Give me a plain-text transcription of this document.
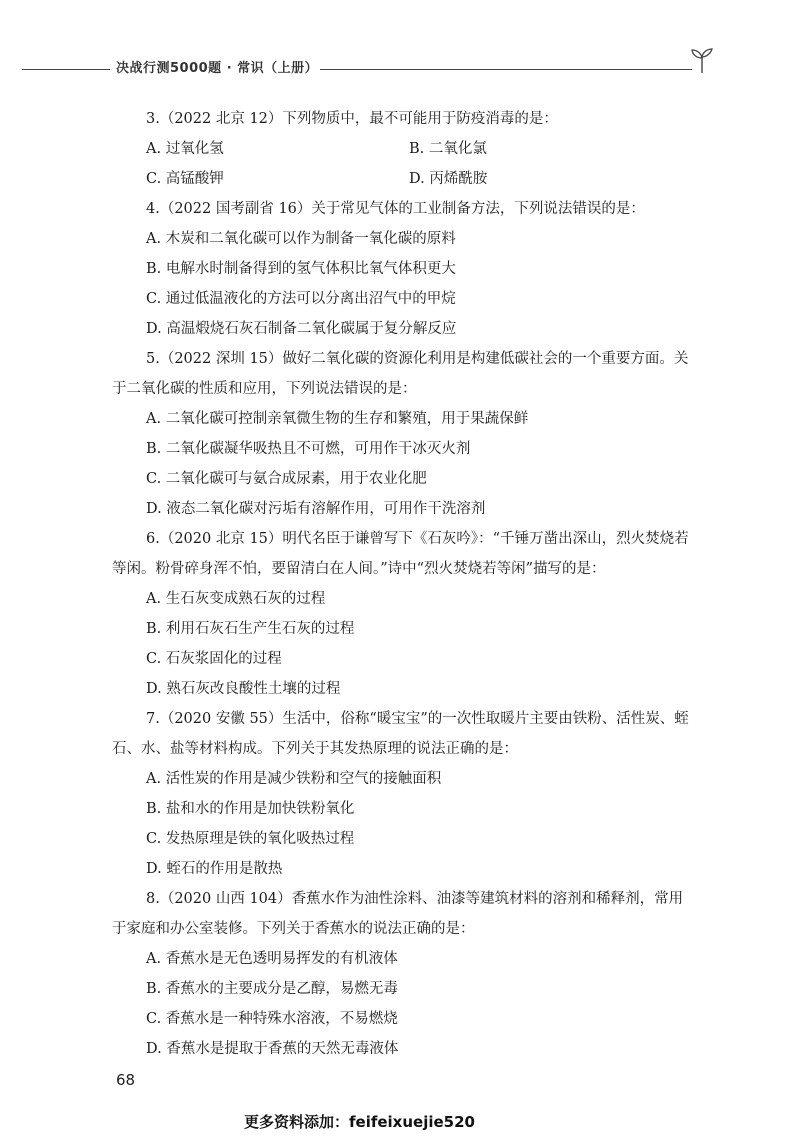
决战行测5000题 · 常识（上册）

3.（2022 北京 12）下列物质中，最不可能用于防疫消毒的是：

A. 过氧化氢	B. 二氧化氯
C. 高锰酸钾	D. 丙烯酰胺

4.（2022 国考副省 16）关于常见气体的工业制备方法，下列说法错误的是：

A. 木炭和二氧化碳可以作为制备一氧化碳的原料
B. 电解水时制备得到的氢气体积比氧气体积更大
C. 通过低温液化的方法可以分离出沼气中的甲烷
D. 高温煅烧石灰石制备二氧化碳属于复分解反应

5.（2022 深圳 15）做好二氧化碳的资源化利用是构建低碳社会的一个重要方面。关于二氧化碳的性质和应用，下列说法错误的是：

A. 二氧化碳可控制亲氧微生物的生存和繁殖，用于果蔬保鲜
B. 二氧化碳凝华吸热且不可燃，可用作干冰灭火剂
C. 二氧化碳可与氨合成尿素，用于农业化肥
D. 液态二氧化碳对污垢有溶解作用，可用作干洗溶剂

6.（2020 北京 15）明代名臣于谦曾写下《石灰吟》：“千锤万凿出深山，烈火焚烧若等闲。粉骨碎身浑不怕，要留清白在人间。”诗中“烈火焚烧若等闲”描写的是：

A. 生石灰变成熟石灰的过程
B. 利用石灰石生产生石灰的过程
C. 石灰浆固化的过程
D. 熟石灰改良酸性土壤的过程

7.（2020 安徽 55）生活中，俗称“暖宝宝”的一次性取暖片主要由铁粉、活性炭、蛭石、水、盐等材料构成。下列关于其发热原理的说法正确的是：

A. 活性炭的作用是减少铁粉和空气的接触面积
B. 盐和水的作用是加快铁粉氧化
C. 发热原理是铁的氧化吸热过程
D. 蛭石的作用是散热

8.（2020 山西 104）香蕉水作为油性涂料、油漆等建筑材料的溶剂和稀释剂，常用于家庭和办公室装修。下列关于香蕉水的说法正确的是：

A. 香蕉水是无色透明易挥发的有机液体
B. 香蕉水的主要成分是乙醇，易燃无毒
C. 香蕉水是一种特殊水溶液，不易燃烧
D. 香蕉水是提取于香蕉的天然无毒液体
68
更多资料添加：feifeixuejie520
